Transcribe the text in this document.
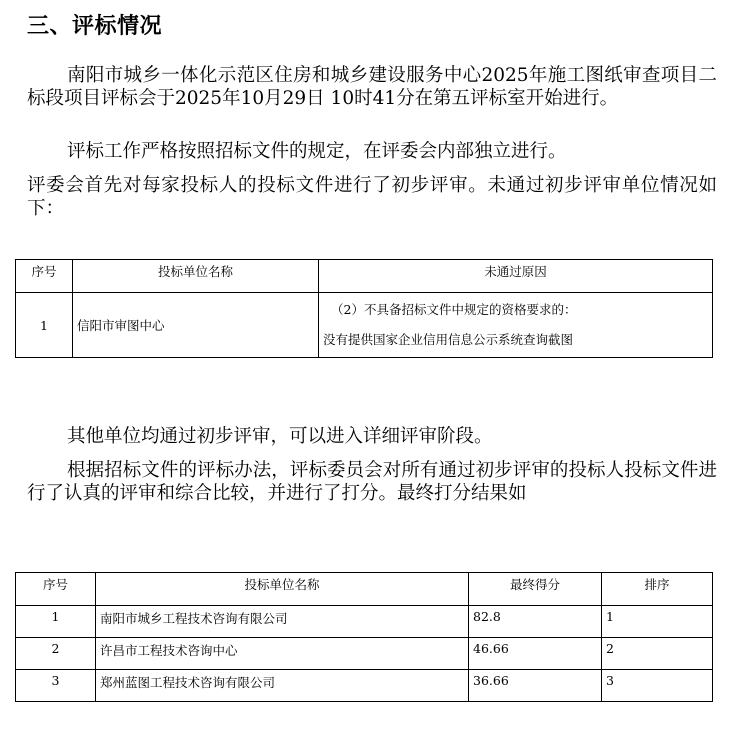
三、评标情况

南阳市城乡一体化示范区住房和城乡建设服务中心2025年施工图纸审查项目二标段项目评标会于2025年10月29日 10时41分在第五评标室开始进行。

评标工作严格按照招标文件的规定，在评委会内部独立进行。

评委会首先对每家投标人的投标文件进行了初步评审。未通过初步评审单位情况如下：

序号	投标单位名称	未通过原因
1	信阳市审图中心	（2）不具备招标文件中规定的资格要求的：
没有提供国家企业信用信息公示系统查询截图

其他单位均通过初步评审，可以进入详细评审阶段。

根据招标文件的评标办法，评标委员会对所有通过初步评审的投标人投标文件进行了认真的评审和综合比较，并进行了打分。最终打分结果如

序号	投标单位名称	最终得分	排序
1	南阳市城乡工程技术咨询有限公司	82.8	1
2	许昌市工程技术咨询中心	46.66	2
3	郑州蓝图工程技术咨询有限公司	36.66	3
